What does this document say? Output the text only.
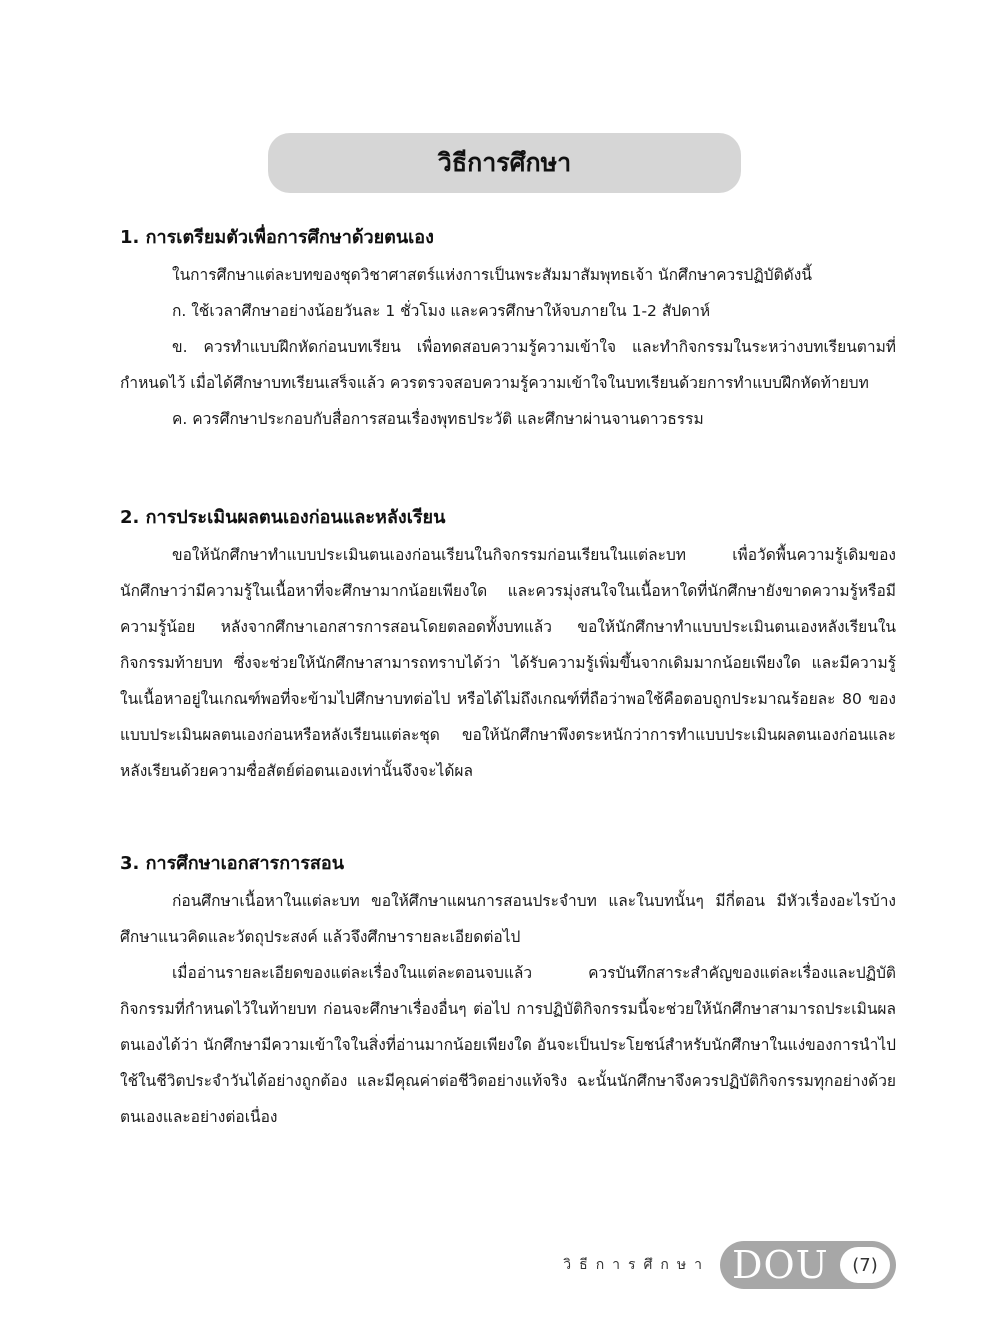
วิธีการศึกษา
1. การเตรียมตัวเพื่อการศึกษาด้วยตนเอง

ในการศึกษาแต่ละบทของชุดวิชาศาสตร์แห่งการเป็นพระสัมมาสัมพุทธเจ้า นักศึกษาควรปฏิบัติดังนี้

ก. ใช้เวลาศึกษาอย่างน้อยวันละ 1 ชั่วโมง และควรศึกษาให้จบภายใน 1-2 สัปดาห์

ข. ควรทำแบบฝึกหัดก่อนบทเรียน เพื่อทดสอบความรู้ความเข้าใจ และทำกิจกรรมในระหว่างบทเรียนตามที่กำหนดไว้ เมื่อได้ศึกษาบทเรียนเสร็จแล้ว ควรตรวจสอบความรู้ความเข้าใจในบทเรียนด้วยการทำแบบฝึกหัดท้ายบท

ค. ควรศึกษาประกอบกับสื่อการสอนเรื่องพุทธประวัติ และศึกษาผ่านจานดาวธรรม

2. การประเมินผลตนเองก่อนและหลังเรียน

ขอให้นักศึกษาทำแบบประเมินตนเองก่อนเรียนในกิจกรรมก่อนเรียนในแต่ละบท เพื่อวัดพื้นความรู้เดิมของนักศึกษาว่ามีความรู้ในเนื้อหาที่จะศึกษามากน้อยเพียงใด และควรมุ่งสนใจในเนื้อหาใดที่นักศึกษายังขาดความรู้หรือมีความรู้น้อย หลังจากศึกษาเอกสารการสอนโดยตลอดทั้งบทแล้ว ขอให้นักศึกษาทำแบบประเมินตนเองหลังเรียนในกิจกรรมท้ายบท ซึ่งจะช่วยให้นักศึกษาสามารถทราบได้ว่า ได้รับความรู้เพิ่มขึ้นจากเดิมมากน้อยเพียงใด และมีความรู้ในเนื้อหาอยู่ในเกณฑ์พอที่จะข้ามไปศึกษาบทต่อไป หรือได้ไม่ถึงเกณฑ์ที่ถือว่าพอใช้คือตอบถูกประมาณร้อยละ 80 ของแบบประเมินผลตนเองก่อนหรือหลังเรียนแต่ละชุด ขอให้นักศึกษาพึงตระหนักว่าการทำแบบประเมินผลตนเองก่อนและหลังเรียนด้วยความซื่อสัตย์ต่อตนเองเท่านั้นจึงจะได้ผล

3. การศึกษาเอกสารการสอน

ก่อนศึกษาเนื้อหาในแต่ละบท ขอให้ศึกษาแผนการสอนประจำบท และในบทนั้นๆ มีกี่ตอน มีหัวเรื่องอะไรบ้าง ศึกษาแนวคิดและวัตถุประสงค์ แล้วจึงศึกษารายละเอียดต่อไป

เมื่ออ่านรายละเอียดของแต่ละเรื่องในแต่ละตอนจบแล้ว ควรบันทึกสาระสำคัญของแต่ละเรื่องและปฏิบัติกิจกรรมที่กำหนดไว้ในท้ายบท ก่อนจะศึกษาเรื่องอื่นๆ ต่อไป การปฏิบัติกิจกรรมนี้จะช่วยให้นักศึกษาสามารถประเมินผลตนเองได้ว่า นักศึกษามีความเข้าใจในสิ่งที่อ่านมากน้อยเพียงใด อันจะเป็นประโยชน์สำหรับนักศึกษาในแง่ของการนำไปใช้ในชีวิตประจำวันได้อย่างถูกต้อง และมีคุณค่าต่อชีวิตอย่างแท้จริง ฉะนั้นนักศึกษาจึงควรปฏิบัติกิจกรรมทุกอย่างด้วยตนเองและอย่างต่อเนื่อง

วิธีการศึกษา DOU	(7)
